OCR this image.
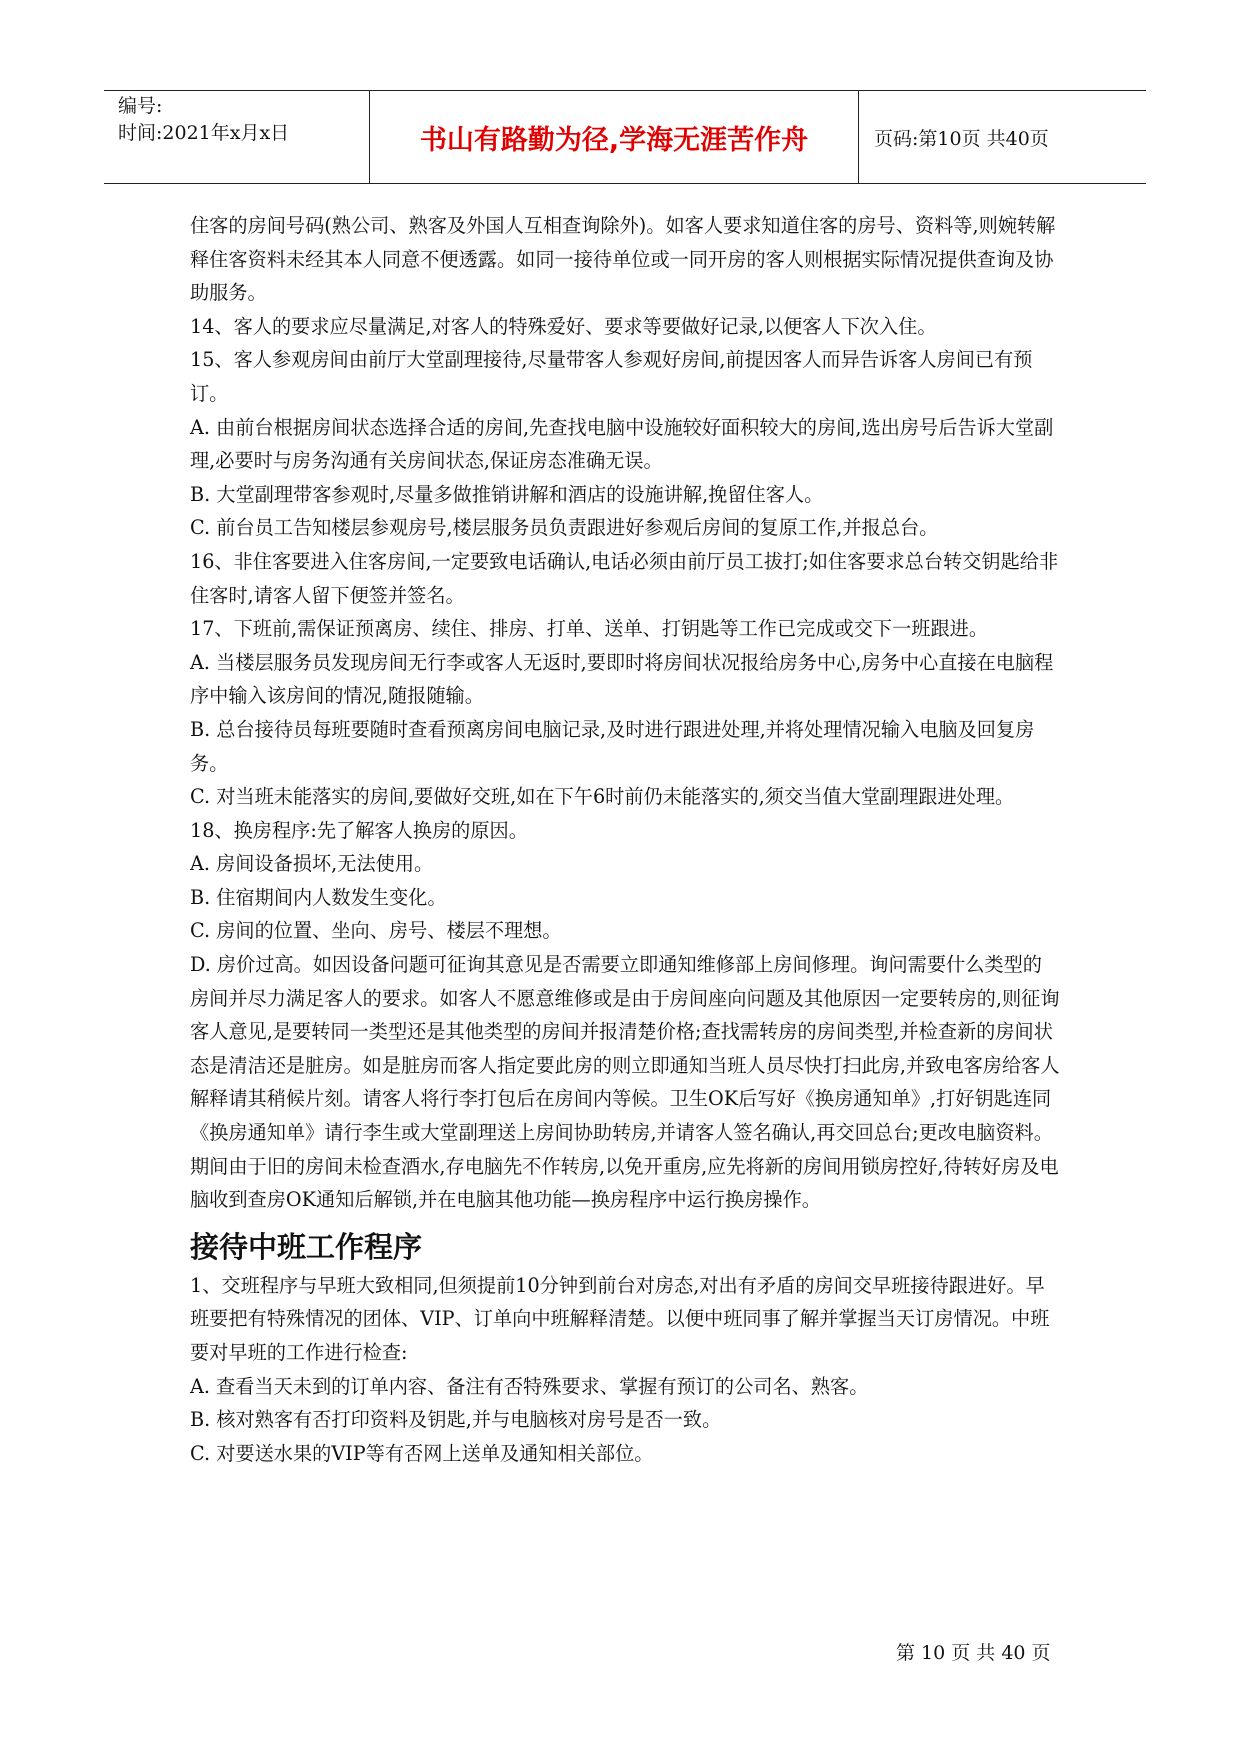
编号:
时间:2021年x月x日	书山有路勤为径,学海无涯苦作舟	页码:第10页 共40页

住客的房间号码(熟公司、熟客及外国人互相查询除外)。如客人要求知道住客的房号、资料等,则婉转解释住客资料未经其本人同意不便透露。如同一接待单位或一同开房的客人则根据实际情况提供查询及协助服务。

14、客人的要求应尽量满足,对客人的特殊爱好、要求等要做好记录,以便客人下次入住。

15、客人参观房间由前厅大堂副理接待,尽量带客人参观好房间,前提因客人而异告诉客人房间已有预订。

A. 由前台根据房间状态选择合适的房间,先查找电脑中设施较好面积较大的房间,选出房号后告诉大堂副理,必要时与房务沟通有关房间状态,保证房态准确无误。

B. 大堂副理带客参观时,尽量多做推销讲解和酒店的设施讲解,挽留住客人。

C. 前台员工告知楼层参观房号,楼层服务员负责跟进好参观后房间的复原工作,并报总台。

16、非住客要进入住客房间,一定要致电话确认,电话必须由前厅员工拔打;如住客要求总台转交钥匙给非住客时,请客人留下便签并签名。

17、下班前,需保证预离房、续住、排房、打单、送单、打钥匙等工作已完成或交下一班跟进。

A. 当楼层服务员发现房间无行李或客人无返时,要即时将房间状况报给房务中心,房务中心直接在电脑程序中输入该房间的情况,随报随输。

B. 总台接待员每班要随时查看预离房间电脑记录,及时进行跟进处理,并将处理情况输入电脑及回复房务。

C. 对当班未能落实的房间,要做好交班,如在下午6时前仍未能落实的,须交当值大堂副理跟进处理。

18、换房程序:先了解客人换房的原因。

A. 房间设备损坏,无法使用。

B. 住宿期间内人数发生变化。

C. 房间的位置、坐向、房号、楼层不理想。

D. 房价过高。如因设备问题可征询其意见是否需要立即通知维修部上房间修理。询问需要什么类型的房间并尽力满足客人的要求。如客人不愿意维修或是由于房间座向问题及其他原因一定要转房的,则征询客人意见,是要转同一类型还是其他类型的房间并报清楚价格;查找需转房的房间类型,并检查新的房间状态是清洁还是脏房。如是脏房而客人指定要此房的则立即通知当班人员尽快打扫此房,并致电客房给客人解释请其稍候片刻。请客人将行李打包后在房间内等候。卫生OK后写好《换房通知单》,打好钥匙连同《换房通知单》请行李生或大堂副理送上房间协助转房,并请客人签名确认,再交回总台;更改电脑资料。期间由于旧的房间未检查酒水,存电脑先不作转房,以免开重房,应先将新的房间用锁房控好,待转好房及电脑收到查房OK通知后解锁,并在电脑其他功能—换房程序中运行换房操作。

接待中班工作程序

1、交班程序与早班大致相同,但须提前10分钟到前台对房态,对出有矛盾的房间交早班接待跟进好。早班要把有特殊情况的团体、VIP、订单向中班解释清楚。以便中班同事了解并掌握当天订房情况。中班要对早班的工作进行检查:

A. 查看当天未到的订单内容、备注有否特殊要求、掌握有预订的公司名、熟客。

B. 核对熟客有否打印资料及钥匙,并与电脑核对房号是否一致。

C. 对要送水果的VIP等有否网上送单及通知相关部位。

第 10 页 共 40 页
